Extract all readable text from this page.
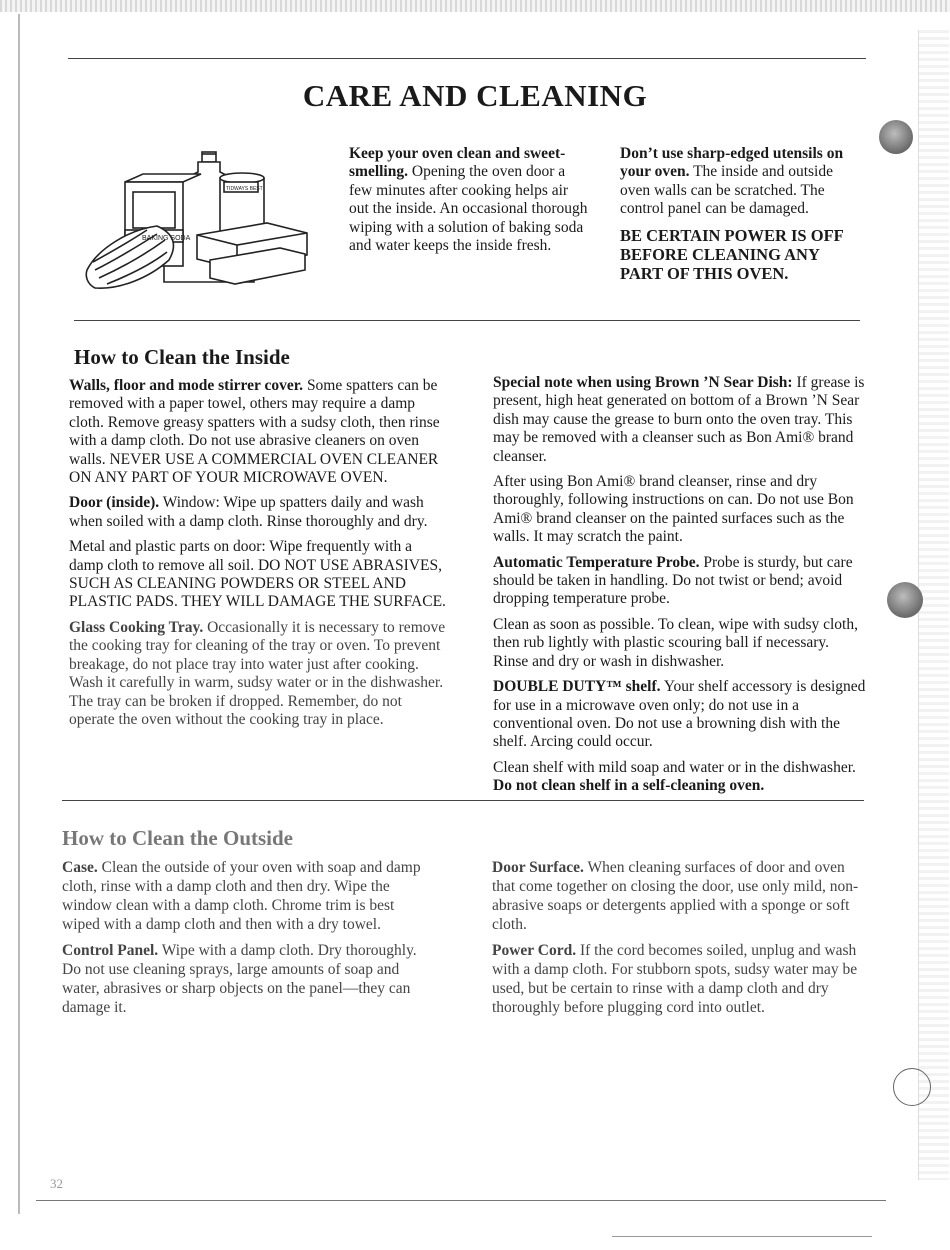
CARE AND CLEANING
BAKING SODA
TIDWAYS BEST

Keep your oven clean and sweet-smelling. Opening the oven door a few minutes after cooking helps air out the inside. An occasional thorough wiping with a solution of baking soda and water keeps the inside fresh.

Don’t use sharp-edged utensils on your oven. The inside and outside oven walls can be scratched. The control panel can be damaged.

BE CERTAIN POWER IS OFF BEFORE CLEANING ANY PART OF THIS OVEN.

How to Clean the Inside

Walls, floor and mode stirrer cover. Some spatters can be removed with a paper towel, others may require a damp cloth. Remove greasy spatters with a sudsy cloth, then rinse with a damp cloth. Do not use abrasive cleaners on oven walls. NEVER USE A COMMERCIAL OVEN CLEANER ON ANY PART OF YOUR MICROWAVE OVEN.

Door (inside). Window: Wipe up spatters daily and wash when soiled with a damp cloth. Rinse thoroughly and dry.

Metal and plastic parts on door: Wipe frequently with a damp cloth to remove all soil. DO NOT USE ABRASIVES, SUCH AS CLEANING POWDERS OR STEEL AND PLASTIC PADS. THEY WILL DAMAGE THE SURFACE.

Glass Cooking Tray. Occasionally it is necessary to remove the cooking tray for cleaning of the tray or oven. To prevent breakage, do not place tray into water just after cooking. Wash it carefully in warm, sudsy water or in the dishwasher. The tray can be broken if dropped. Remember, do not operate the oven without the cooking tray in place.

Special note when using Brown ’N Sear Dish: If grease is present, high heat generated on bottom of a Brown ’N Sear dish may cause the grease to burn onto the oven tray. This may be removed with a cleanser such as Bon Ami® brand cleanser.

After using Bon Ami® brand cleanser, rinse and dry thoroughly, following instructions on can. Do not use Bon Ami® brand cleanser on the painted surfaces such as the walls. It may scratch the paint.

Automatic Temperature Probe. Probe is sturdy, but care should be taken in handling. Do not twist or bend; avoid dropping temperature probe.

Clean as soon as possible. To clean, wipe with sudsy cloth, then rub lightly with plastic scouring ball if necessary. Rinse and dry or wash in dishwasher.

DOUBLE DUTY™ shelf. Your shelf accessory is designed for use in a microwave oven only; do not use in a conventional oven. Do not use a browning dish with the shelf. Arcing could occur.

Clean shelf with mild soap and water or in the dishwasher. Do not clean shelf in a self-cleaning oven.

How to Clean the Outside

Case. Clean the outside of your oven with soap and damp cloth, rinse with a damp cloth and then dry. Wipe the window clean with a damp cloth. Chrome trim is best wiped with a damp cloth and then with a dry towel.

Control Panel. Wipe with a damp cloth. Dry thoroughly. Do not use cleaning sprays, large amounts of soap and water, abrasives or sharp objects on the panel—they can damage it.

Door Surface. When cleaning surfaces of door and oven that come together on closing the door, use only mild, non-abrasive soaps or detergents applied with a sponge or soft cloth.

Power Cord. If the cord becomes soiled, unplug and wash with a damp cloth. For stubborn spots, sudsy water may be used, but be certain to rinse with a damp cloth and dry thoroughly before plugging cord into outlet.

32
